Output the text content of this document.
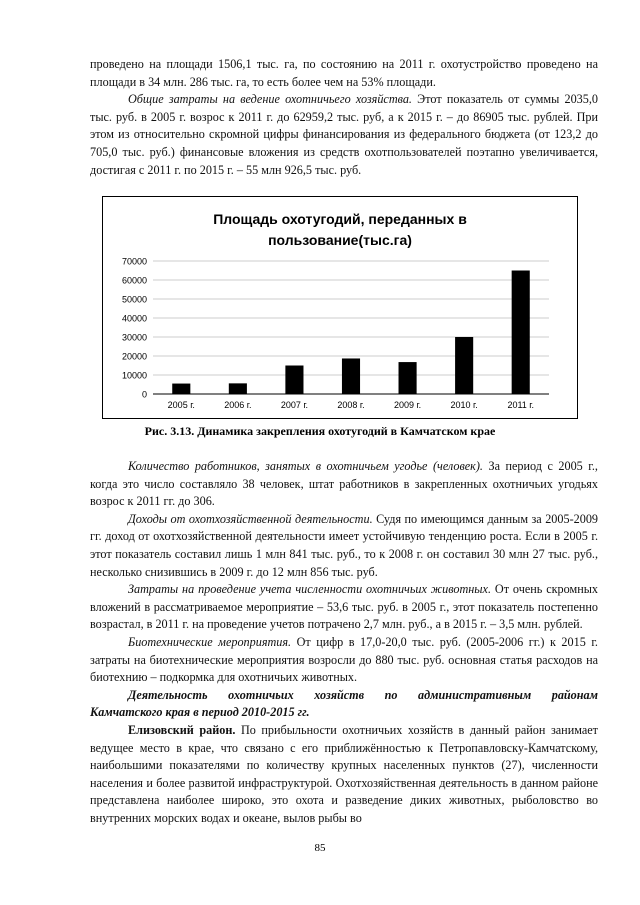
проведено на площади 1506,1 тыс. га, по состоянию на 2011 г. охотустройство проведено на площади в 34 млн. 286 тыс. га, то есть более чем на 53% площади.

Общие затраты на ведение охотничьего хозяйства. Этот показатель от суммы 2035,0 тыс. руб. в 2005 г. возрос к 2011 г. до 62959,2 тыс. руб, а к 2015 г. – до 86905 тыс. рублей. При этом из относительно скромной цифры финансирования из федерального бюджета (от 123,2 до 705,0 тыс. руб.) финансовые вложения из средств охотпользователей поэтапно увеличивается, достигая с 2011 г. по 2015 г. – 55 млн 926,5 тыс. руб.

Площадь охотугодий, переданных в
пользование(тыс.га)
0
10000
20000
30000
40000
50000
60000
70000
2005 г.	2006 г.	2007 г.	2008 г.	2009 г.	2010 г.	2011 г.
Рис. 3.13. Динамика закрепления охотугодий в Камчатском крае

Количество работников, занятых в охотничьем угодье (человек). За период с 2005 г., когда это число составляло 38 человек, штат работников в закрепленных охотничьих угодьях возрос к 2011 гг. до 306.

Доходы от охотхозяйственной деятельности. Судя по имеющимся данным за 2005-2009 гг. доход от охотхозяйственной деятельности имеет устойчивую тенденцию роста. Если в 2005 г. этот показатель составил лишь 1 млн 841 тыс. руб., то к 2008 г. он составил 30 млн 27 тыс. руб., несколько снизившись в 2009 г. до 12 млн 856 тыс. руб.

Затраты на проведение учета численности охотничьих животных. От очень скромных вложений в рассматриваемое мероприятие – 53,6 тыс. руб. в 2005 г., этот показатель постепенно возрастал, в 2011 г. на проведение учетов потрачено 2,7 млн. руб., а в 2015 г. – 3,5 млн. рублей.

Биотехнические мероприятия. От цифр в 17,0-20,0 тыс. руб. (2005-2006 гг.) к 2015 г. затраты на биотехнические мероприятия возросли до 880 тыс. руб. основная статья расходов на биотехнию – подкормка для охотничьих животных.

Деятельность охотничьих хозяйств по административным районам

Камчатского края в период 2010-2015 гг.

Елизовский район. По прибыльности охотничьих хозяйств в данный район занимает ведущее место в крае, что связано с его приближённостью к Петропавловску-Камчатскому, наибольшими показателями по количеству крупных населенных пунктов (27), численности населения и более развитой инфраструктурой. Охотхозяйственная деятельность в данном районе представлена наиболее широко, это охота и разведение диких животных, рыболовство во внутренних морских водах и океане, вылов рыбы во

85
